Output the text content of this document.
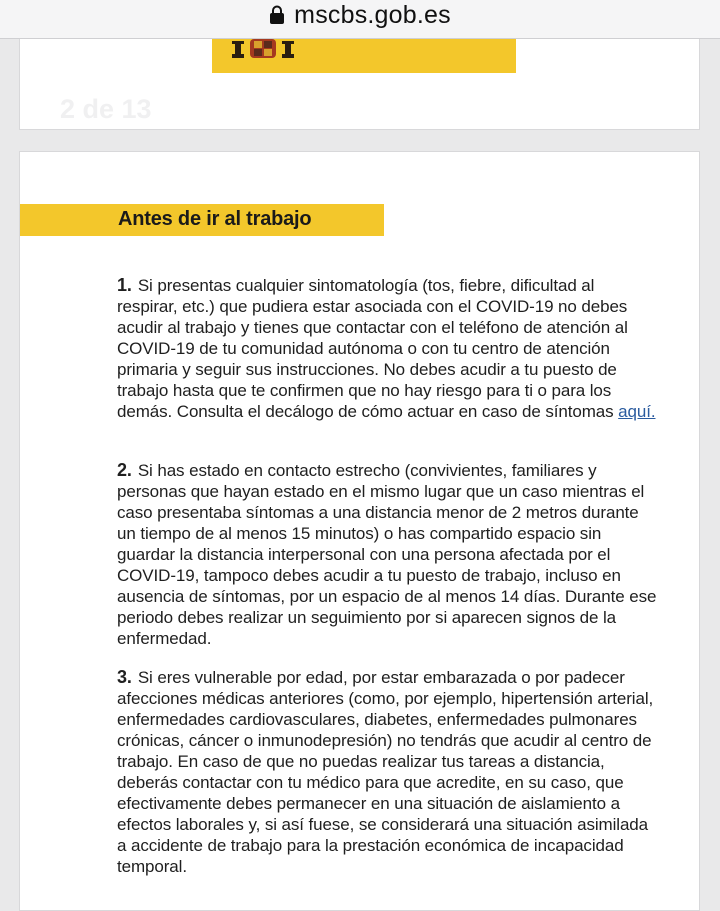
mscbs.gob.es
2 de 13
Antes de ir al trabajo

1. Si presentas cualquier sintomatología (tos, fiebre, dificultad al respirar, etc.) que pudiera estar asociada con el COVID-19 no debes acudir al trabajo y tienes que contactar con el teléfono de atención al COVID-19 de tu comunidad autónoma o con tu centro de atención primaria y seguir sus instrucciones. No debes acudir a tu puesto de trabajo hasta que te confirmen que no hay riesgo para ti o para los demás. Consulta el decálogo de cómo actuar en caso de síntomas aquí.

2. Si has estado en contacto estrecho (convivientes, familiares y personas que hayan estado en el mismo lugar que un caso mientras el caso presentaba síntomas a una distancia menor de 2 metros durante un tiempo de al menos 15 minutos) o has compartido espacio sin guardar la distancia interpersonal con una persona afectada por el COVID-19, tampoco debes acudir a tu puesto de trabajo, incluso en ausencia de síntomas, por un espacio de al menos 14 días. Durante ese periodo debes realizar un seguimiento por si aparecen signos de la enfermedad.

3. Si eres vulnerable por edad, por estar embarazada o por padecer afecciones médicas anteriores (como, por ejemplo, hipertensión arterial, enfermedades cardiovasculares, diabetes, enfermedades pulmonares crónicas, cáncer o inmunodepresión) no tendrás que acudir al centro de trabajo. En caso de que no puedas realizar tus tareas a distancia, deberás contactar con tu médico para que acredite, en su caso, que efectivamente debes permanecer en una situación de aislamiento a efectos laborales y, si así fuese, se considerará una situación asimilada a accidente de trabajo para la prestación económica de incapacidad temporal.
